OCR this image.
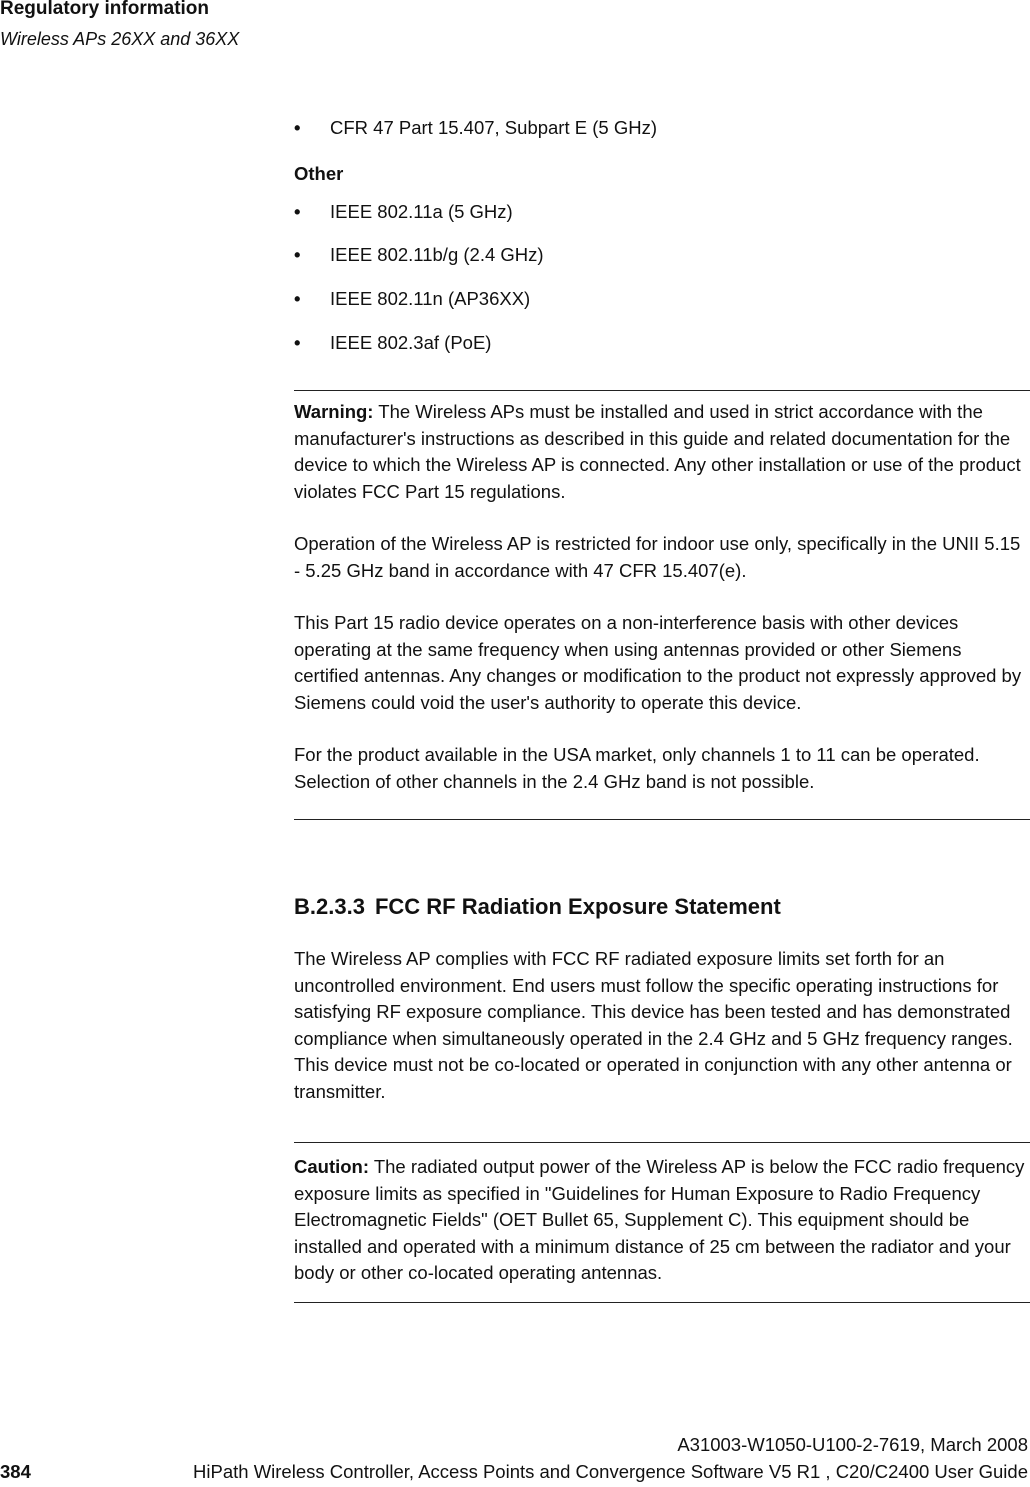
Regulatory information
Wireless APs 26XX and 36XX
• CFR 47 Part 15.407, Subpart E (5 GHz)
Other
• IEEE 802.11a (5 GHz)
• IEEE 802.11b/g (2.4 GHz)
• IEEE 802.11n (AP36XX)
• IEEE 802.3af (PoE)

Warning: The Wireless APs must be installed and used in strict accordance with the manufacturer's instructions as described in this guide and related documentation for the device to which the Wireless AP is connected. Any other installation or use of the product violates FCC Part 15 regulations.

Operation of the Wireless AP is restricted for indoor use only, specifically in the UNII 5.15 - 5.25 GHz band in accordance with 47 CFR 15.407(e).

This Part 15 radio device operates on a non-interference basis with other devices operating at the same frequency when using antennas provided or other Siemens certified antennas. Any changes or modification to the product not expressly approved by Siemens could void the user's authority to operate this device.

For the product available in the USA market, only channels 1 to 11 can be operated. Selection of other channels in the 2.4 GHz band is not possible.

B.2.3.3 FCC RF Radiation Exposure Statement

The Wireless AP complies with FCC RF radiated exposure limits set forth for an uncontrolled environment. End users must follow the specific operating instructions for satisfying RF exposure compliance. This device has been tested and has demonstrated compliance when simultaneously operated in the 2.4 GHz and 5 GHz frequency ranges. This device must not be co-located or operated in conjunction with any other antenna or transmitter.

Caution: The radiated output power of the Wireless AP is below the FCC radio frequency exposure limits as specified in "Guidelines for Human Exposure to Radio Frequency Electromagnetic Fields" (OET Bullet 65, Supplement C). This equipment should be installed and operated with a minimum distance of 25 cm between the radiator and your body or other co-located operating antennas.

A31003-W1050-U100-2-7619, March 2008
384	HiPath Wireless Controller, Access Points and Convergence Software V5 R1 , C20/C2400 User Guide
